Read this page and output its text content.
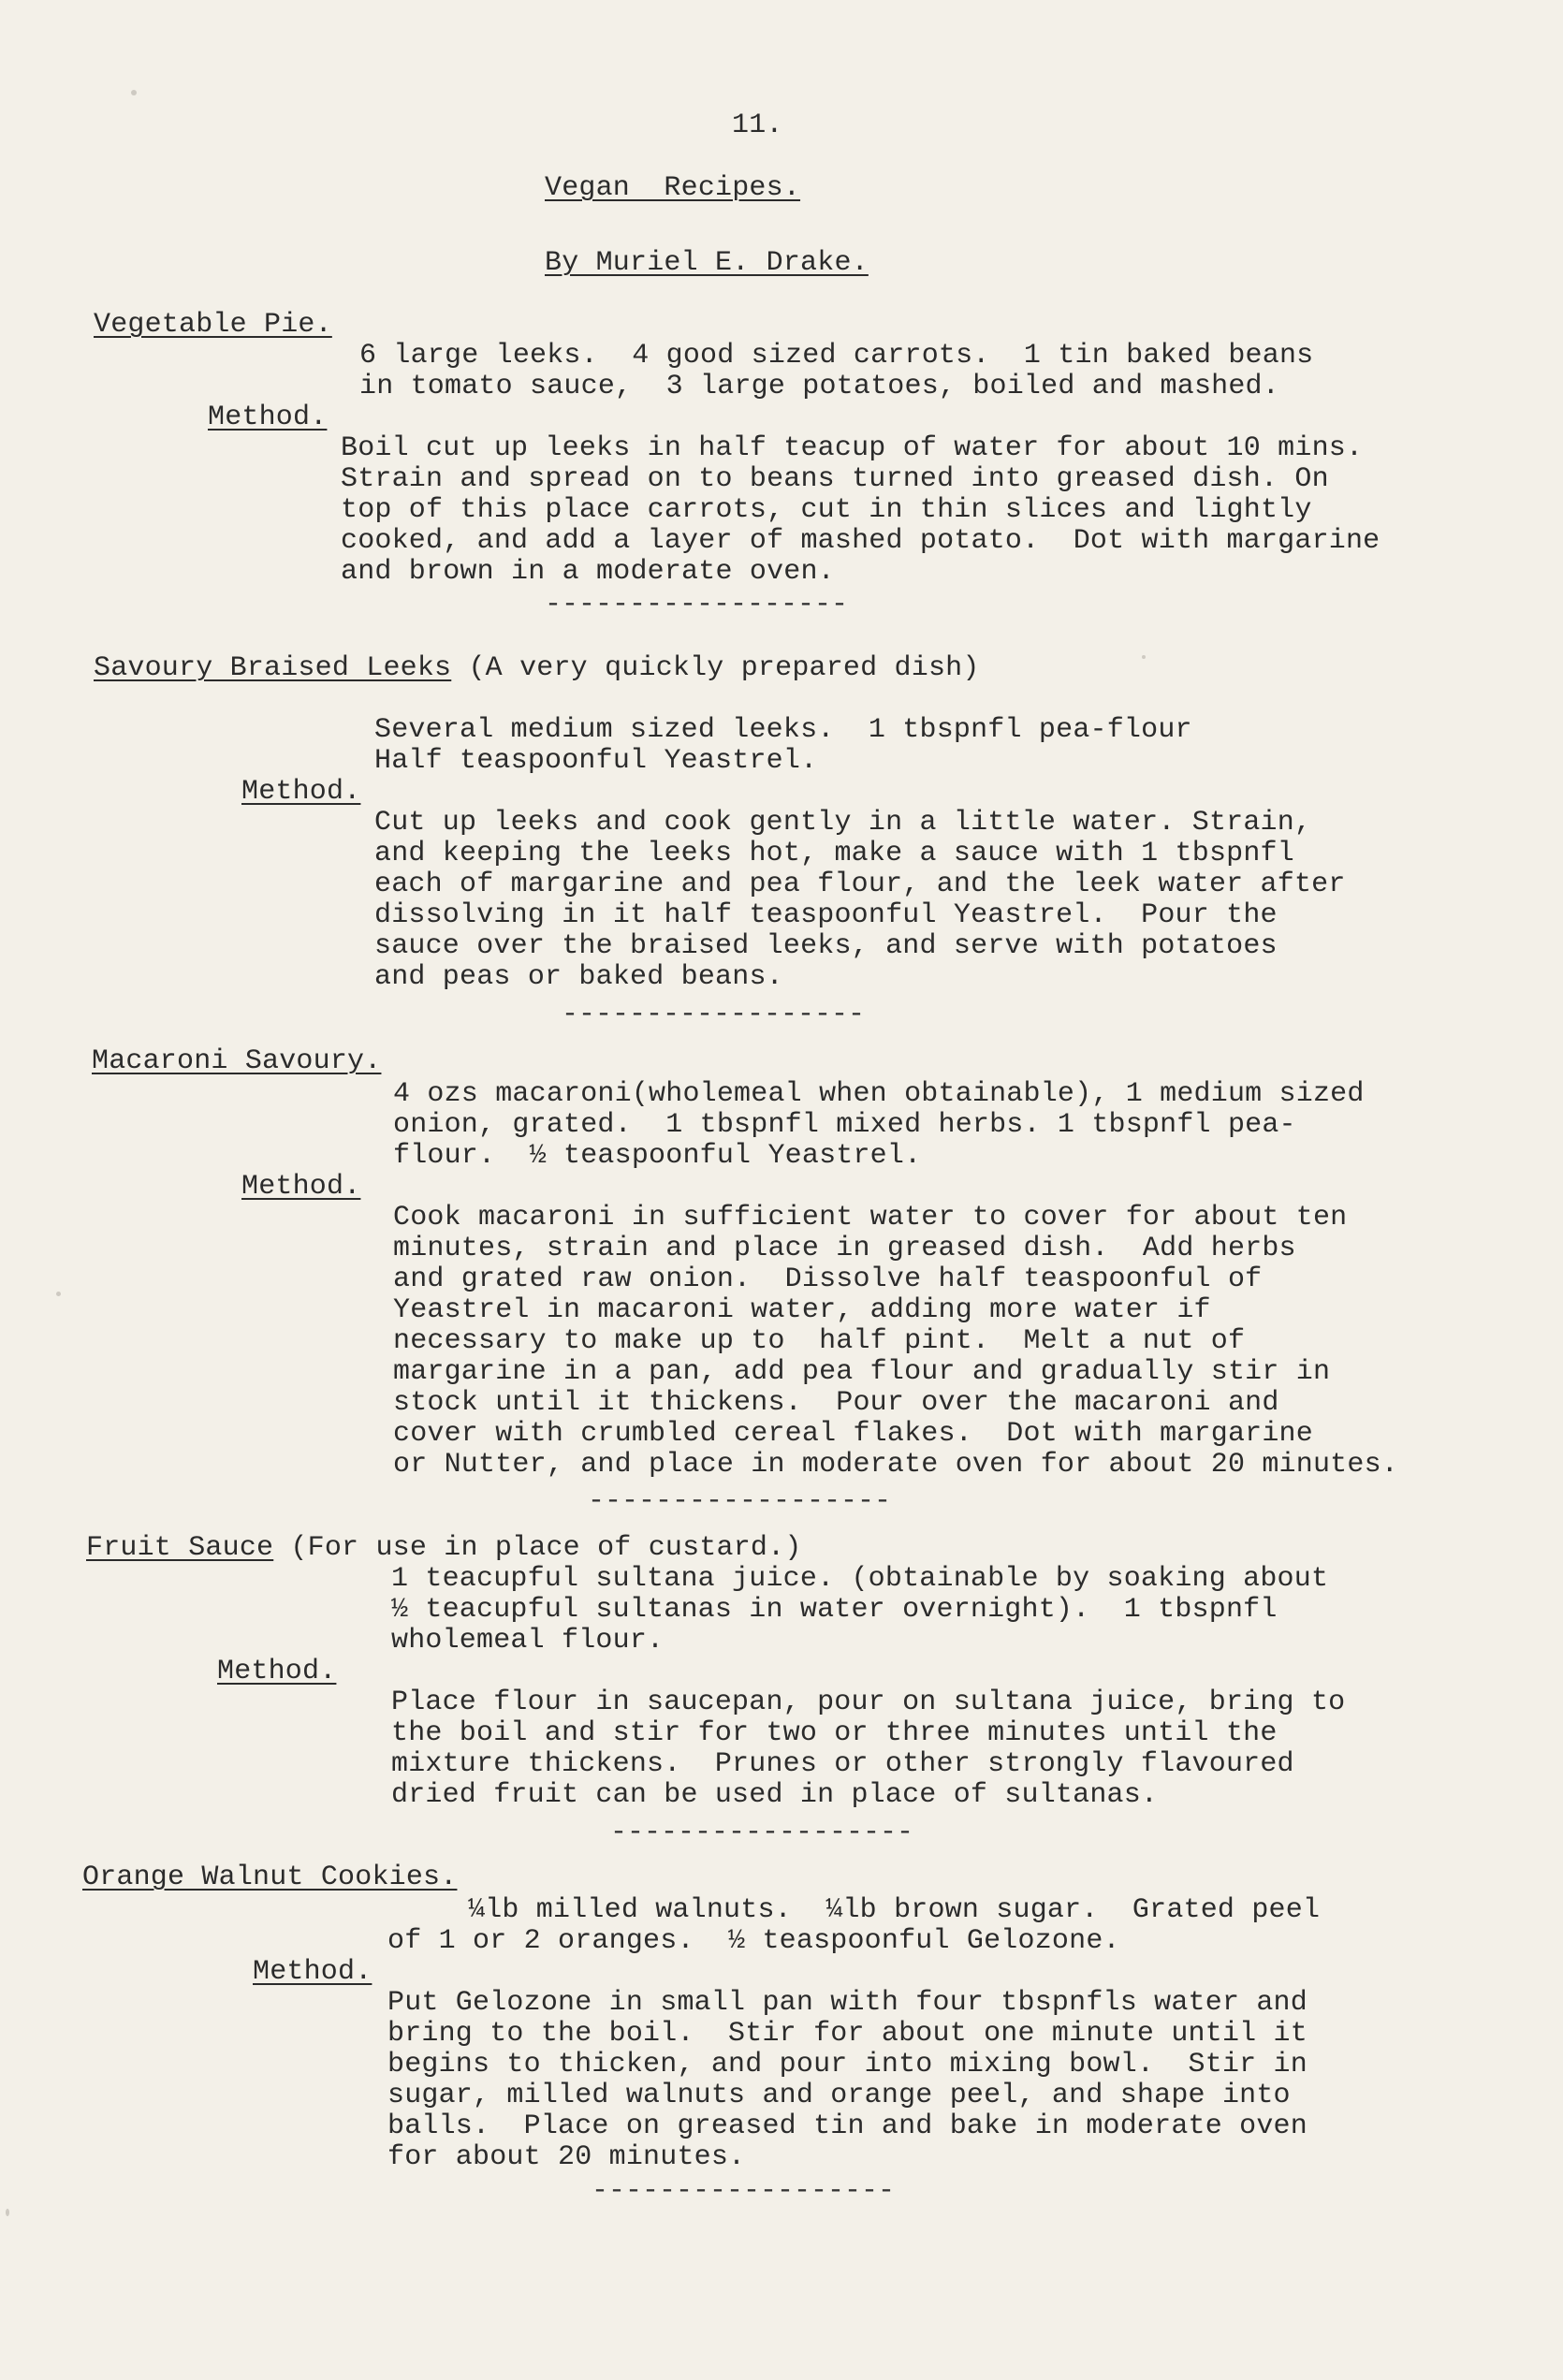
11.
Vegan  Recipes.
By Muriel E. Drake.
Vegetable Pie.
6 large leeks.  4 good sized carrots.  1 tin baked beans
in tomato sauce,  3 large potatoes, boiled and mashed.
Method.
Boil cut up leeks in half teacup of water for about 10 mins.
Strain and spread on to beans turned into greased dish. On
top of this place carrots, cut in thin slices and lightly
cooked, and add a layer of mashed potato.  Dot with margarine
and brown in a moderate oven.
------------------
Savoury Braised Leeks (A very quickly prepared dish)
Several medium sized leeks.  1 tbspnfl pea-flour
Half teaspoonful Yeastrel.
Method.
Cut up leeks and cook gently in a little water. Strain,
and keeping the leeks hot, make a sauce with 1 tbspnfl
each of margarine and pea flour, and the leek water after
dissolving in it half teaspoonful Yeastrel.  Pour the
sauce over the braised leeks, and serve with potatoes
and peas or baked beans.
------------------
Macaroni Savoury.
4 ozs macaroni(wholemeal when obtainable), 1 medium sized
onion, grated.  1 tbspnfl mixed herbs. 1 tbspnfl pea-
flour.  ½ teaspoonful Yeastrel.
Method.
Cook macaroni in sufficient water to cover for about ten
minutes, strain and place in greased dish.  Add herbs
and grated raw onion.  Dissolve half teaspoonful of
Yeastrel in macaroni water, adding more water if
necessary to make up to  half pint.  Melt a nut of
margarine in a pan, add pea flour and gradually stir in
stock until it thickens.  Pour over the macaroni and
cover with crumbled cereal flakes.  Dot with margarine
or Nutter, and place in moderate oven for about 20 minutes.
------------------
Fruit Sauce (For use in place of custard.)
1 teacupful sultana juice. (obtainable by soaking about
½ teacupful sultanas in water overnight).  1 tbspnfl
wholemeal flour.
Method.
Place flour in saucepan, pour on sultana juice, bring to
the boil and stir for two or three minutes until the
mixture thickens.  Prunes or other strongly flavoured
dried fruit can be used in place of sultanas.
------------------
Orange Walnut Cookies.
¼lb milled walnuts.  ¼lb brown sugar.  Grated peel
of 1 or 2 oranges.  ½ teaspoonful Gelozone.
Method.
Put Gelozone in small pan with four tbspnfls water and
bring to the boil.  Stir for about one minute until it
begins to thicken, and pour into mixing bowl.  Stir in
sugar, milled walnuts and orange peel, and shape into
balls.  Place on greased tin and bake in moderate oven
for about 20 minutes.
------------------
